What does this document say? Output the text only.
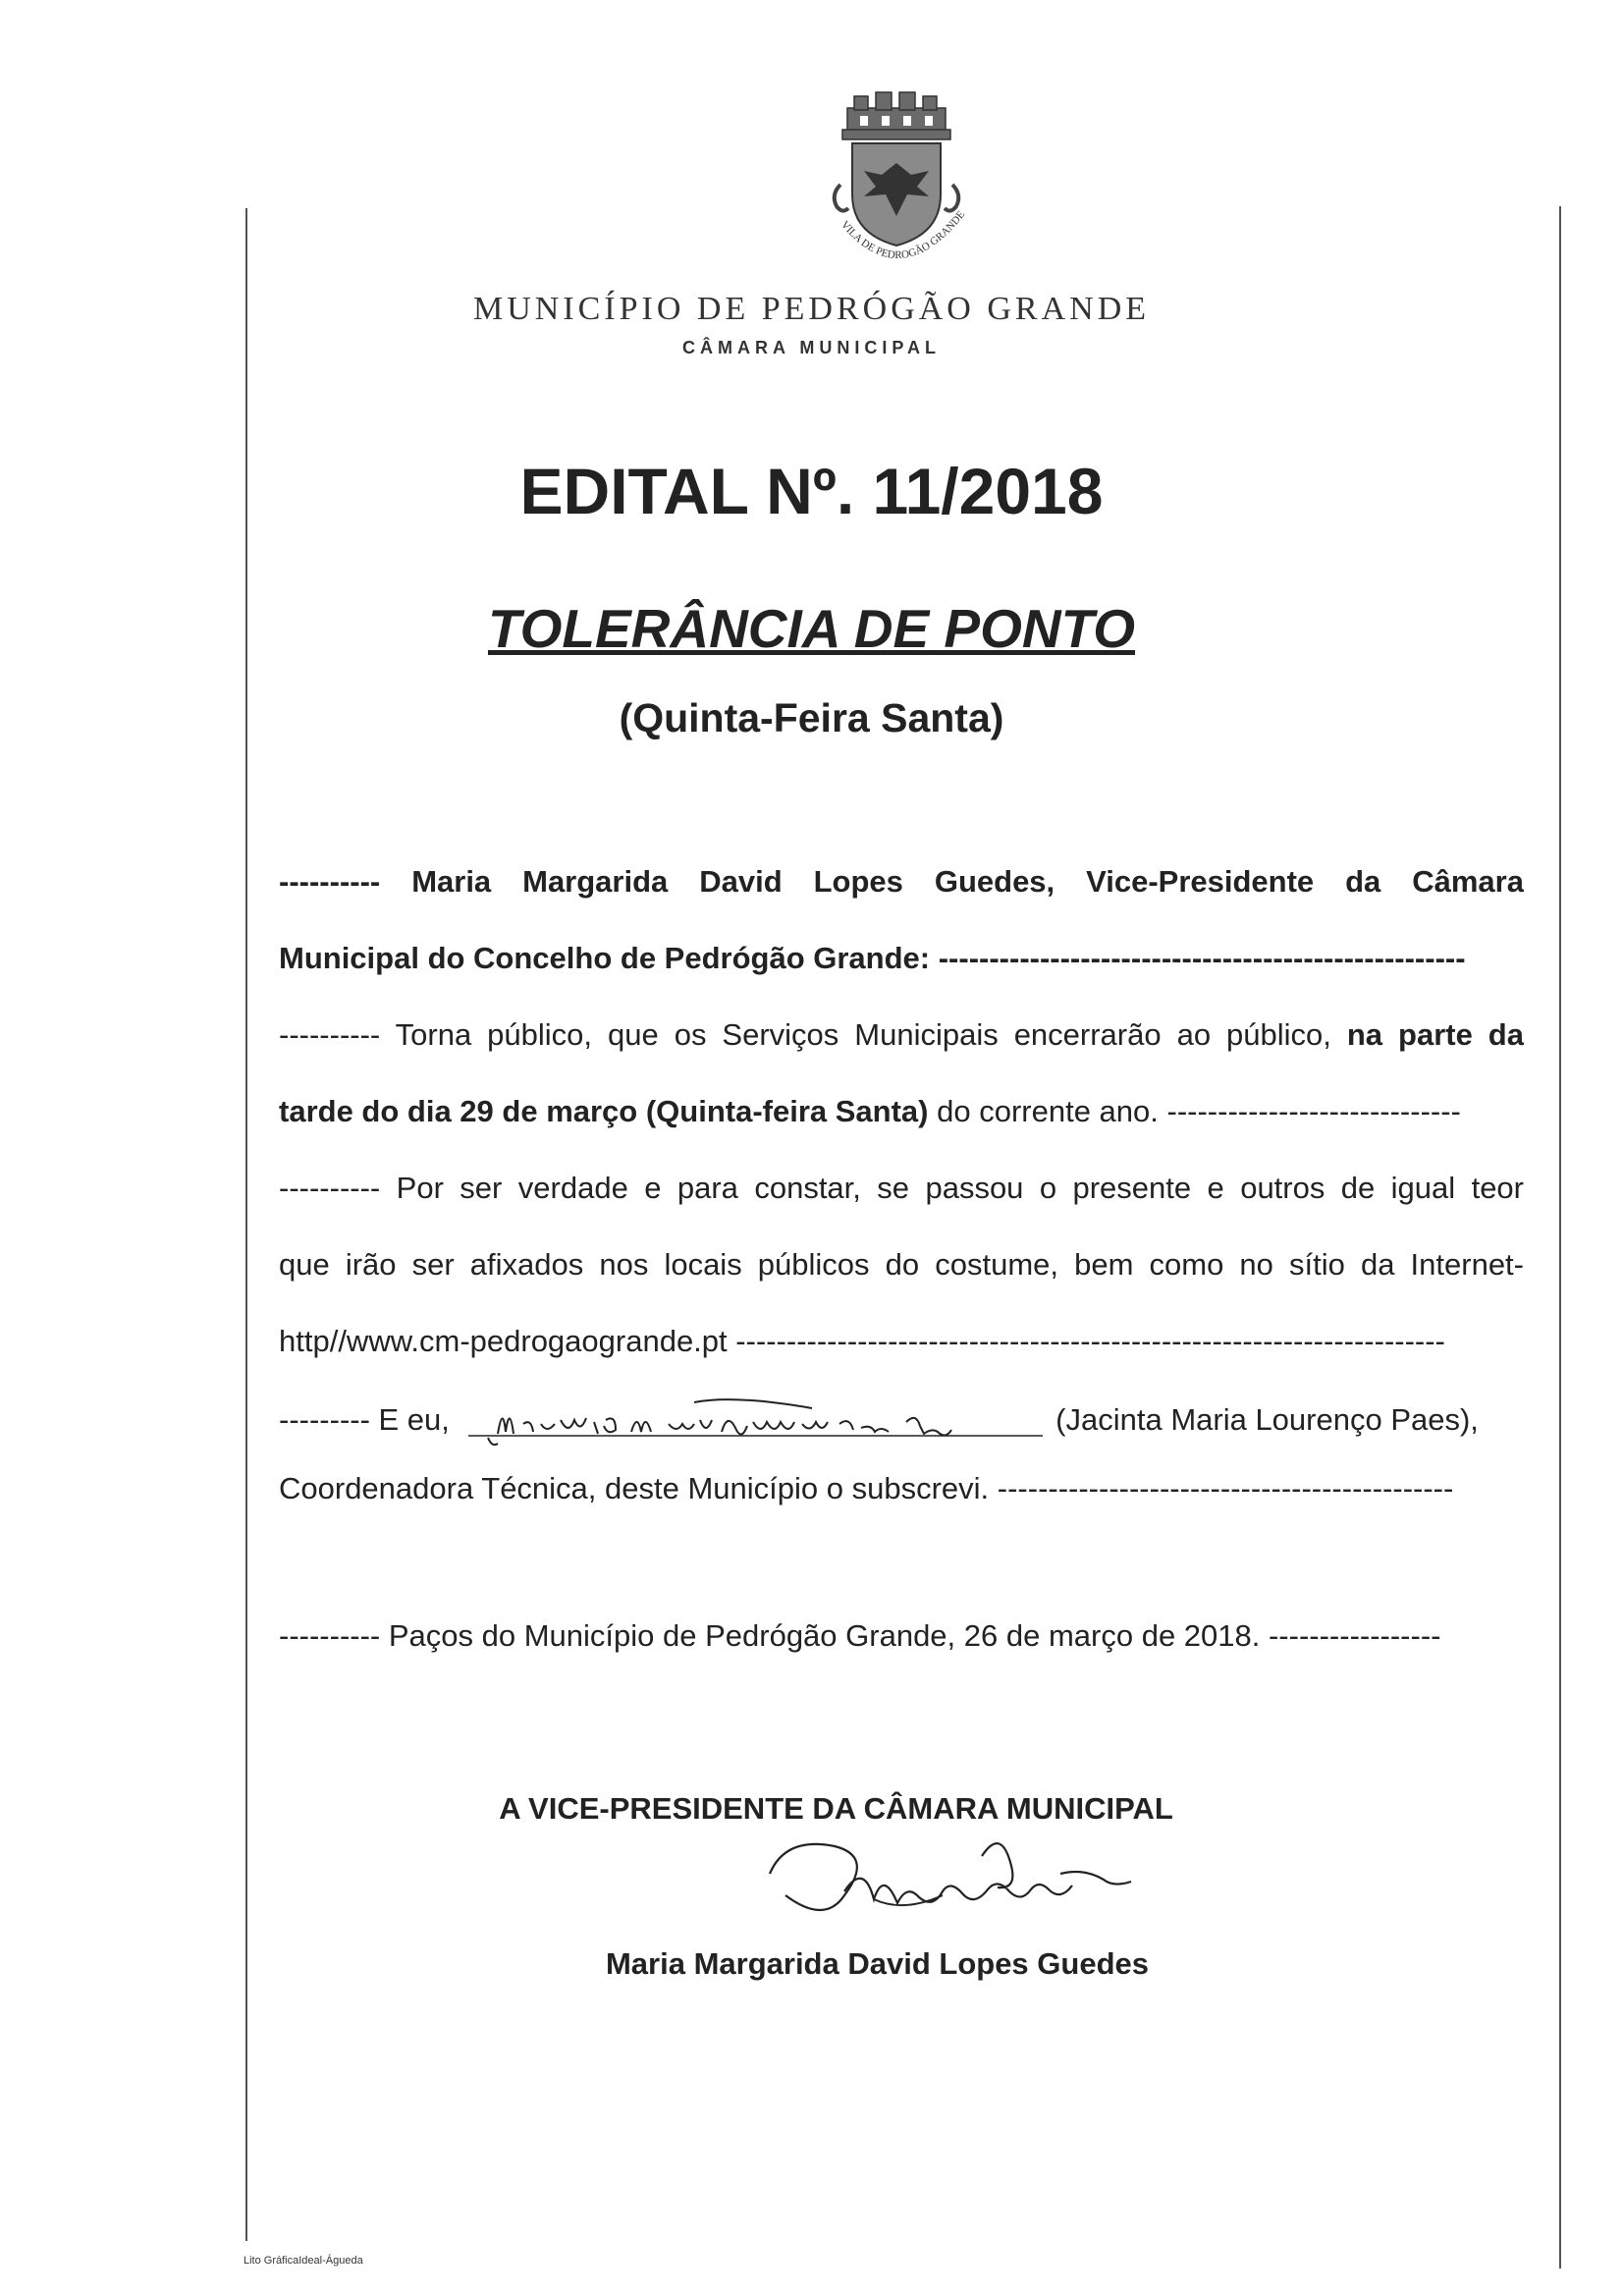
VILA DE PEDROGÃO GRANDE
MUNICÍPIO DE PEDRÓGÃO GRANDE
CÂMARA MUNICIPAL
EDITAL Nº. 11/2018
TOLERÂNCIA DE PONTO
(Quinta-Feira Santa)
---------- Maria Margarida David Lopes Guedes, Vice-Presidente da Câmara
Municipal do Concelho de Pedrógão Grande: ----------------------------------------------------
---------- Torna público, que os Serviços Municipais encerrarão ao público, na parte da
tarde do dia 29 de março (Quinta-feira Santa) do corrente ano. -----------------------------
---------- Por ser verdade e para constar, se passou o presente e outros de igual teor
que irão ser afixados nos locais públicos do costume, bem como no sítio da Internet-
http//www.cm-pedrogaogrande.pt ----------------------------------------------------------------------
--------- E eu,	(Jacinta Maria Lourenço Paes),
Coordenadora Técnica, deste Município o subscrevi. ---------------------------------------------
---------- Paços do Município de Pedrógão Grande, 26 de março de 2018. -----------------
A VICE-PRESIDENTE DA CÂMARA MUNICIPAL
Maria Margarida David Lopes Guedes
Lito GráficaIdeal-Águeda
